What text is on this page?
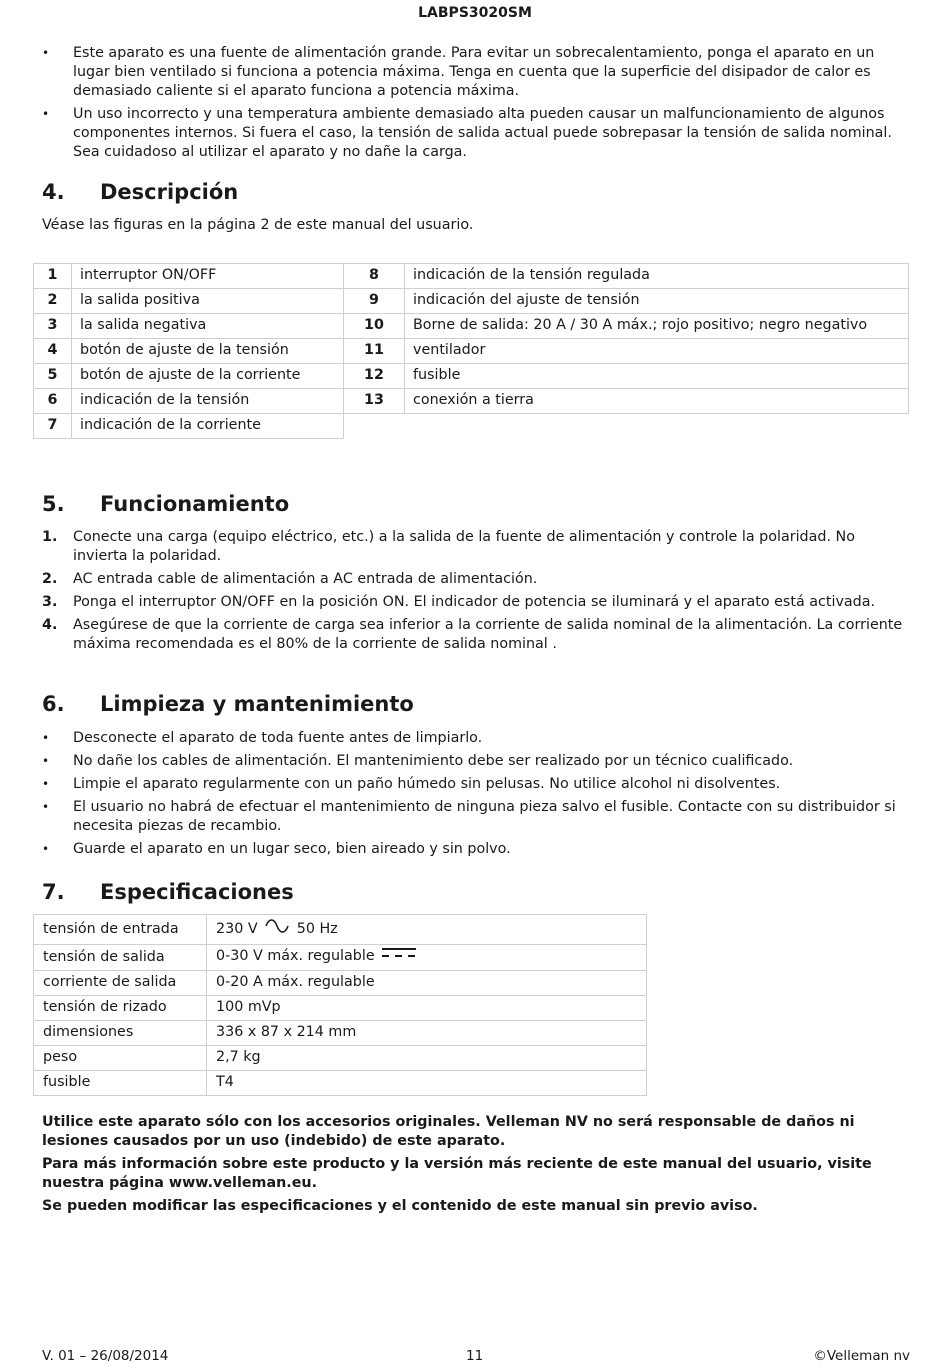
LABPS3020SM
• Este aparato es una fuente de alimentación grande. Para evitar un sobrecalentamiento, ponga el aparato en un lugar bien ventilado si funciona a potencia máxima. Tenga en cuenta que la superficie del disipador de calor es demasiado caliente si el aparato funciona a potencia máxima.
• Un uso incorrecto y una temperatura ambiente demasiado alta pueden causar un malfuncionamiento de algunos componentes internos. Si fuera el caso, la tensión de salida actual puede sobrepasar la tensión de salida nominal. Sea cuidadoso al utilizar el aparato y no dañe la carga.
4. Descripción
Véase las figuras en la página 2 de este manual del usuario.
1	interruptor ON/OFF	8	indicación de la tensión regulada
2	la salida positiva	9	indicación del ajuste de tensión
3	la salida negativa	10	Borne de salida: 20 A / 30 A máx.; rojo positivo; negro negativo
4	botón de ajuste de la tensión	11	ventilador
5	botón de ajuste de la corriente	12	fusible
6	indicación de la tensión	13	conexión a tierra
7	indicación de la corriente		
5. Funcionamiento
1. Conecte una carga (equipo eléctrico, etc.) a la salida de la fuente de alimentación y controle la polaridad. No invierta la polaridad.
2. AC entrada cable de alimentación a AC entrada de alimentación.
3. Ponga el interruptor ON/OFF en la posición ON. El indicador de potencia se iluminará y el aparato está activada.
4. Asegúrese de que la corriente de carga sea inferior a la corriente de salida nominal de la alimentación. La corriente máxima recomendada es el 80% de la corriente de salida nominal .
6. Limpieza y mantenimiento
• Desconecte el aparato de toda fuente antes de limpiarlo.
• No dañe los cables de alimentación. El mantenimiento debe ser realizado por un técnico cualificado.
• Limpie el aparato regularmente con un paño húmedo sin pelusas. No utilice alcohol ni disolventes.
• El usuario no habrá de efectuar el mantenimiento de ninguna pieza salvo el fusible. Contacte con su distribuidor si necesita piezas de recambio.
• Guarde el aparato en un lugar seco, bien aireado y sin polvo.
7. Especificaciones
tensión de entrada	230 V 50 Hz
tensión de salida	0-30 V máx. regulable
corriente de salida	0-20 A máx. regulable
tensión de rizado	100 mVp
dimensiones	336 x 87 x 214 mm
peso	2,7 kg
fusible	T4

Utilice este aparato sólo con los accesorios originales. Velleman NV no será responsable de daños ni lesiones causados por un uso (indebido) de este aparato.

Para más información sobre este producto y la versión más reciente de este manual del usuario, visite nuestra página www.velleman.eu.

Se pueden modificar las especificaciones y el contenido de este manual sin previo aviso.

V. 01 – 26/08/2014	11	©Velleman nv
